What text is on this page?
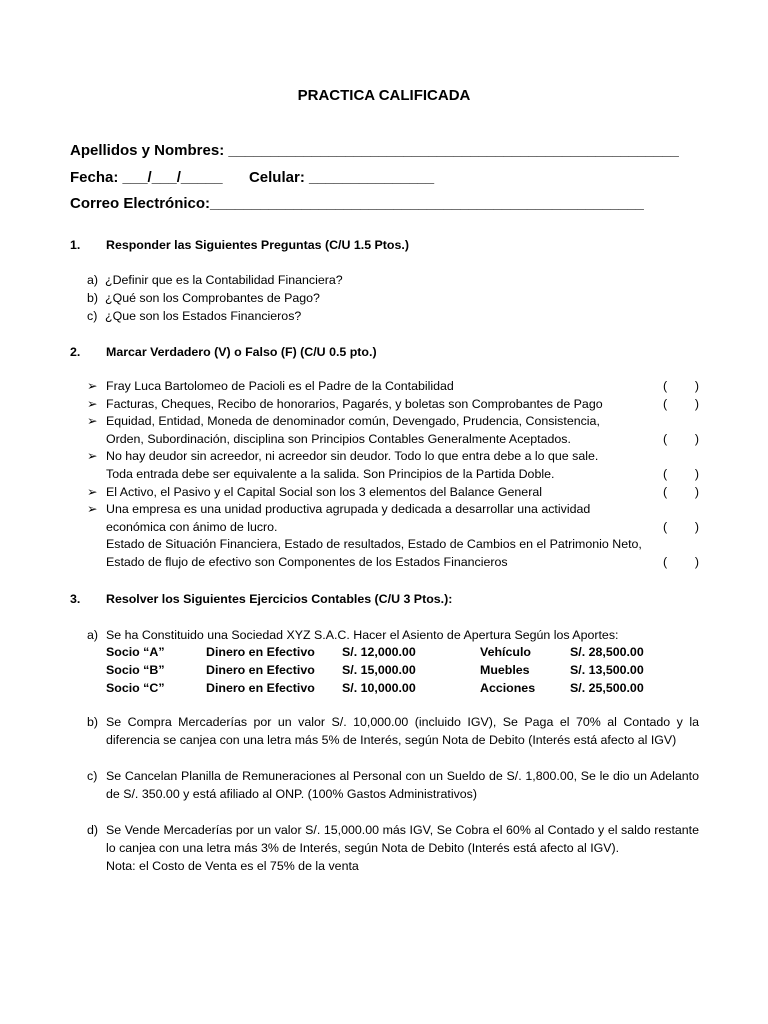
PRACTICA CALIFICADA
Apellidos y Nombres: ______________________________________________________
Fecha: ___/___/_____ Celular: _______________
Correo Electrónico:____________________________________________________
1. Responder las Siguientes Preguntas (C/U 1.5 Ptos.)
a) ¿Definir que es la Contabilidad Financiera?
b) ¿Qué son los Comprobantes de Pago?
c) ¿Que son los Estados Financieros?
2. Marcar Verdadero (V) o Falso (F) (C/U 0.5 pto.)
➢ Fray Luca Bartolomeo de Pacioli es el Padre de la Contabilidad	( )
➢ Facturas, Cheques, Recibo de honorarios, Pagarés, y boletas son Comprobantes de Pago	( )
➢ Equidad, Entidad, Moneda de denominador común, Devengado, Prudencia, Consistencia,
Orden, Subordinación, disciplina son Principios Contables Generalmente Aceptados.	( )
➢ No hay deudor sin acreedor, ni acreedor sin deudor. Todo lo que entra debe a lo que sale.
Toda entrada debe ser equivalente a la salida. Son Principios de la Partida Doble.	( )
➢ El Activo, el Pasivo y el Capital Social son los 3 elementos del Balance General	( )
➢ Una empresa es una unidad productiva agrupada y dedicada a desarrollar una actividad
económica con ánimo de lucro.	( )
Estado de Situación Financiera, Estado de resultados, Estado de Cambios en el Patrimonio Neto,
Estado de flujo de efectivo son Componentes de los Estados Financieros	( )
3. Resolver los Siguientes Ejercicios Contables (C/U 3 Ptos.):
a) Se ha Constituido una Sociedad XYZ S.A.C. Hacer el Asiento de Apertura Según los Aportes:
Socio “A”	Dinero en Efectivo S/. 12,000.00	Vehículo	S/. 28,500.00
Socio “B”	Dinero en Efectivo S/. 15,000.00	Muebles	S/. 13,500.00
Socio “C”	Dinero en Efectivo S/. 10,000.00	Acciones	S/. 25,500.00
b) Se Compra Mercaderías por un valor S/. 10,000.00 (incluido IGV), Se Paga el 70% al Contado y la
diferencia se canjea con una letra más 5% de Interés, según Nota de Debito (Interés está afecto al IGV)
c) Se Cancelan Planilla de Remuneraciones al Personal con un Sueldo de S/. 1,800.00, Se le dio un Adelanto
de S/. 350.00 y está afiliado al ONP. (100% Gastos Administrativos)
d) Se Vende Mercaderías por un valor S/. 15,000.00 más IGV, Se Cobra el 60% al Contado y el saldo restante
lo canjea con una letra más 3% de Interés, según Nota de Debito (Interés está afecto al IGV).
Nota: el Costo de Venta es el 75% de la venta
